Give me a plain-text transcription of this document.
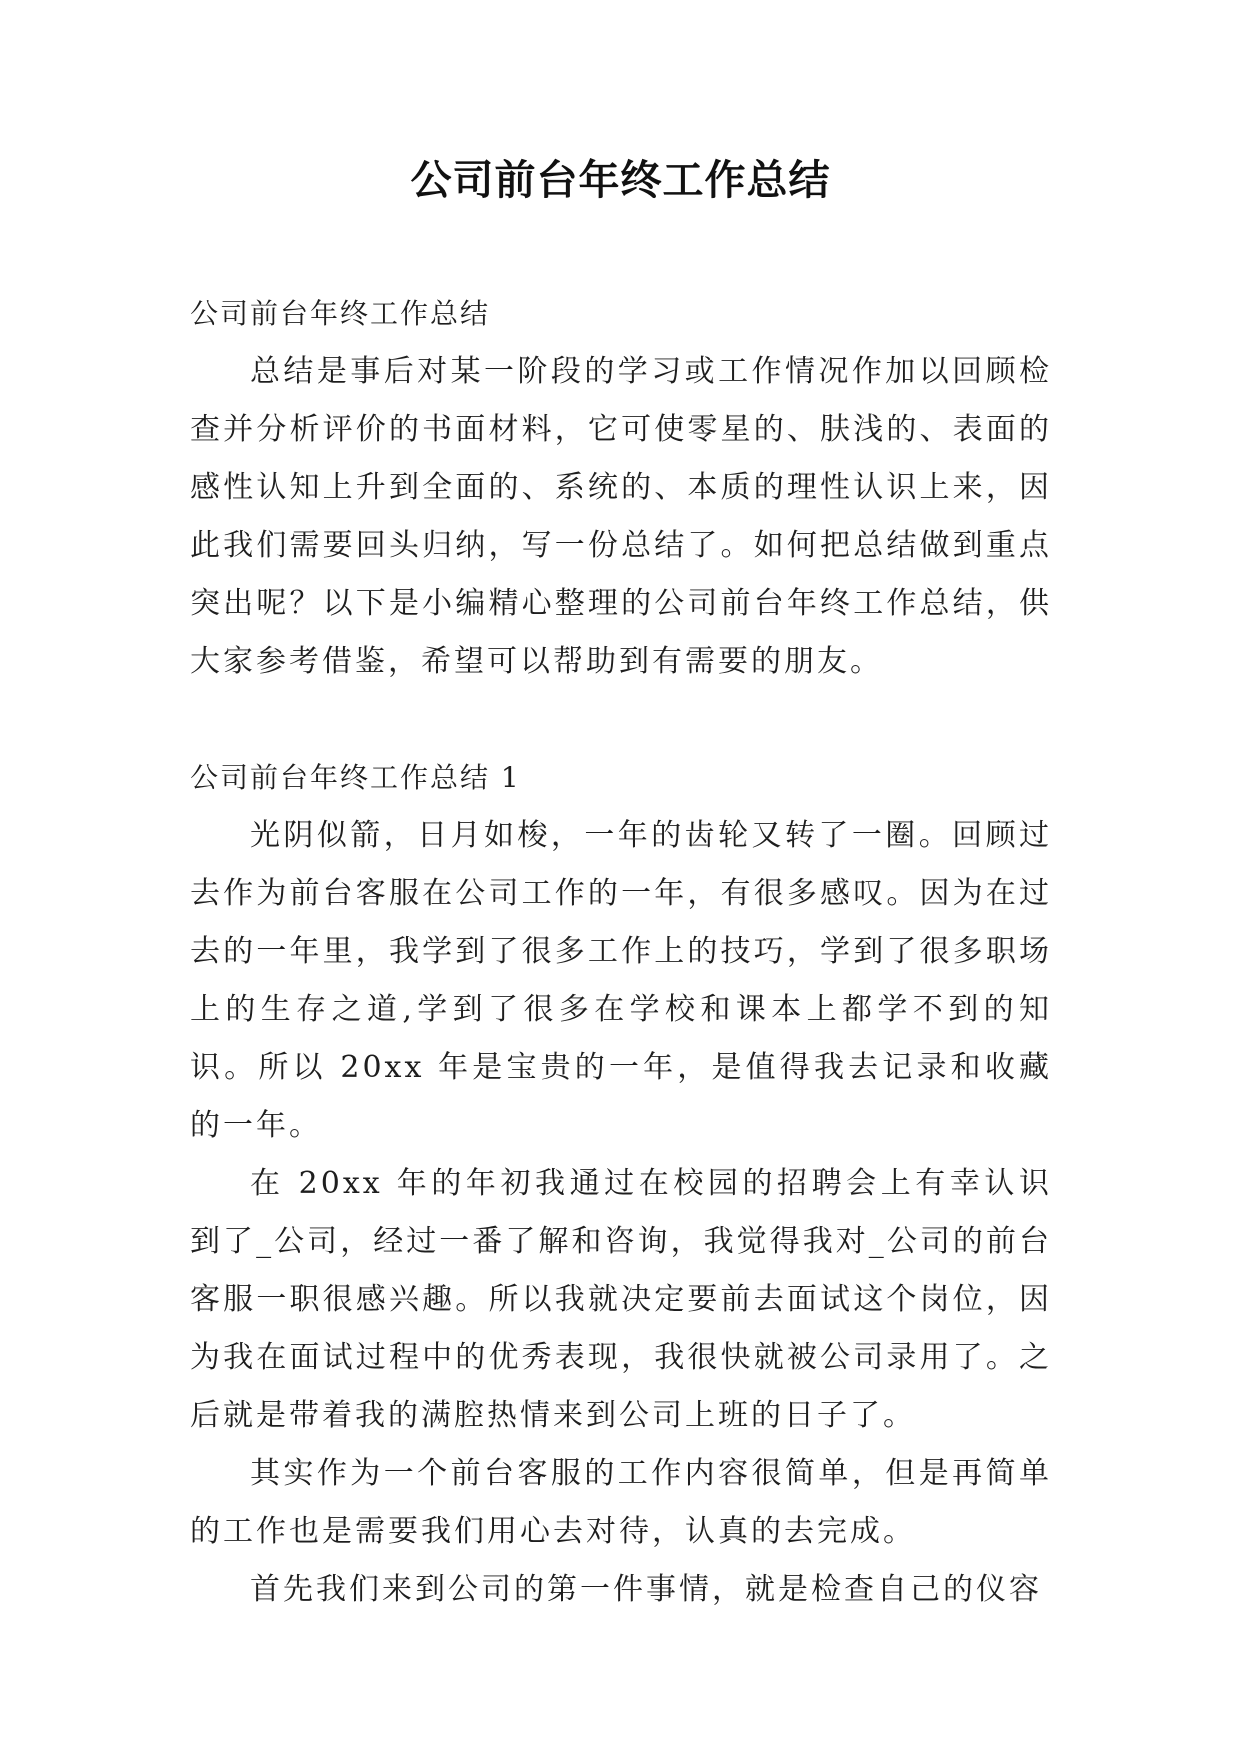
公司前台年终工作总结

公司前台年终工作总结

总结是事后对某一阶段的学习或工作情况作加以回顾检查并分析评价的书面材料，它可使零星的、肤浅的、表面的感性认知上升到全面的、系统的、本质的理性认识上来，因此我们需要回头归纳，写一份总结了。如何把总结做到重点突出呢？以下是小编精心整理的公司前台年终工作总结，供大家参考借鉴，希望可以帮助到有需要的朋友。

公司前台年终工作总结 1

光阴似箭，日月如梭，一年的齿轮又转了一圈。回顾过去作为前台客服在公司工作的一年，有很多感叹。因为在过去的一年里，我学到了很多工作上的技巧，学到了很多职场上的生存之道,学到了很多在学校和课本上都学不到的知识。所以 20xx 年是宝贵的一年，是值得我去记录和收藏的一年。

在 20xx 年的年初我通过在校园的招聘会上有幸认识到了_公司，经过一番了解和咨询，我觉得我对_公司的前台客服一职很感兴趣。所以我就决定要前去面试这个岗位，因为我在面试过程中的优秀表现，我很快就被公司录用了。之后就是带着我的满腔热情来到公司上班的日子了。

其实作为一个前台客服的工作内容很简单，但是再简单的工作也是需要我们用心去对待，认真的去完成。

首先我们来到公司的第一件事情，就是检查自己的仪容
